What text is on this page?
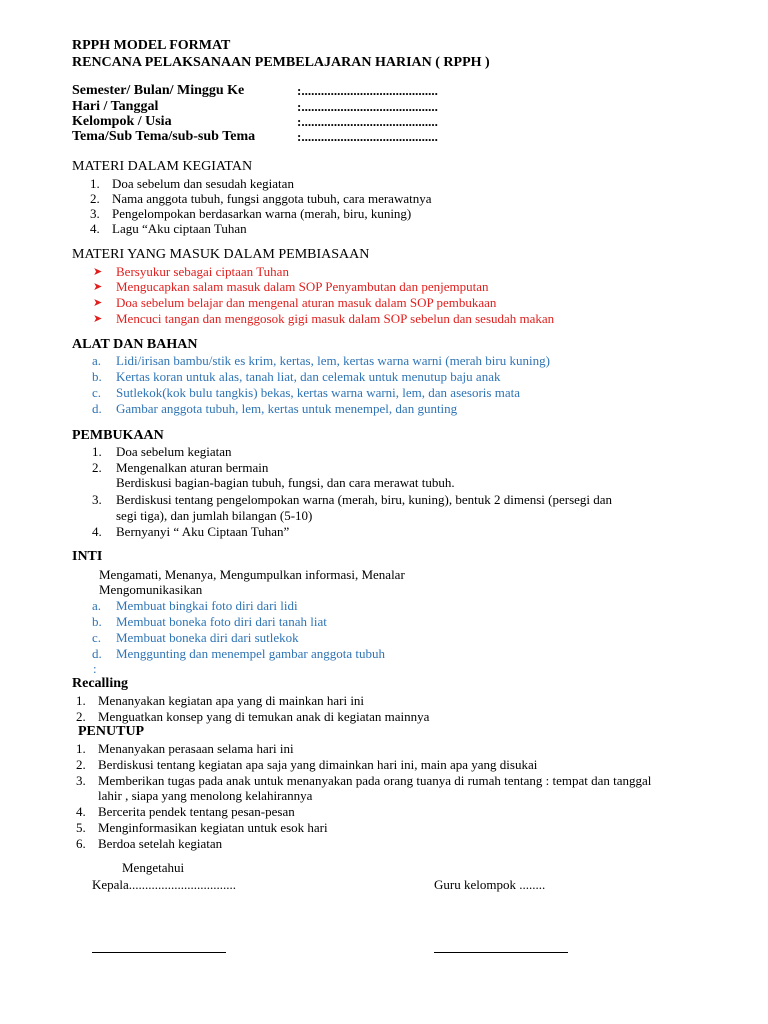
RPPH MODEL FORMAT
RENCANA PELAKSANAAN PEMBELAJARAN HARIAN ( RPPH )
Semester/ Bulan/ Minggu Ke	:..........................................
Hari / Tanggal	:..........................................
Kelompok / Usia	:..........................................
Tema/Sub Tema/sub-sub Tema	:..........................................
MATERI DALAM KEGIATAN
1. Doa sebelum dan sesudah kegiatan
2. Nama anggota tubuh, fungsi anggota tubuh, cara merawatnya
3. Pengelompokan berdasarkan warna (merah, biru, kuning)
4. Lagu “Aku ciptaan Tuhan
MATERI YANG MASUK DALAM PEMBIASAAN
➤ Bersyukur sebagai ciptaan Tuhan
➤ Mengucapkan salam masuk dalam SOP Penyambutan dan penjemputan
➤ Doa sebelum belajar dan mengenal aturan masuk dalam SOP pembukaan
➤ Mencuci tangan dan menggosok gigi masuk dalam SOP sebelun dan sesudah makan
ALAT DAN BAHAN
a. Lidi/irisan bambu/stik es krim, kertas, lem, kertas warna warni (merah biru kuning)
b. Kertas koran untuk alas, tanah liat, dan celemak untuk menutup baju anak
c. Sutlekok(kok bulu tangkis) bekas, kertas warna warni, lem, dan asesoris mata
d. Gambar anggota tubuh, lem, kertas untuk menempel, dan gunting
PEMBUKAAN
1. Doa sebelum kegiatan
2. Mengenalkan aturan bermain
Berdiskusi bagian-bagian tubuh, fungsi, dan cara merawat tubuh.
3. Berdiskusi tentang pengelompokan warna (merah, biru, kuning), bentuk 2 dimensi (persegi dan
segi tiga), dan jumlah bilangan (5-10)
4. Bernyanyi “ Aku Ciptaan Tuhan”
INTI
Mengamati, Menanya, Mengumpulkan informasi, Menalar
Mengomunikasikan
a. Membuat bingkai foto diri dari lidi
b. Membuat boneka foto diri dari tanah liat
c. Membuat boneka diri dari sutlekok
d. Menggunting dan menempel gambar anggota tubuh
:
Recalling
1. Menanyakan kegiatan apa yang di mainkan hari ini
2. Menguatkan konsep yang di temukan anak di kegiatan mainnya
PENUTUP
1. Menanyakan perasaan selama hari ini
2. Berdiskusi tentang kegiatan apa saja yang dimainkan hari ini, main apa yang disukai
3. Memberikan tugas pada anak untuk menanyakan pada orang tuanya di rumah tentang : tempat dan tanggal
lahir , siapa yang menolong kelahirannya
4. Bercerita pendek tentang pesan-pesan
5. Menginformasikan kegiatan untuk esok hari
6. Berdoa setelah kegiatan
Mengetahui
Kepala.................................	Guru kelompok ........
